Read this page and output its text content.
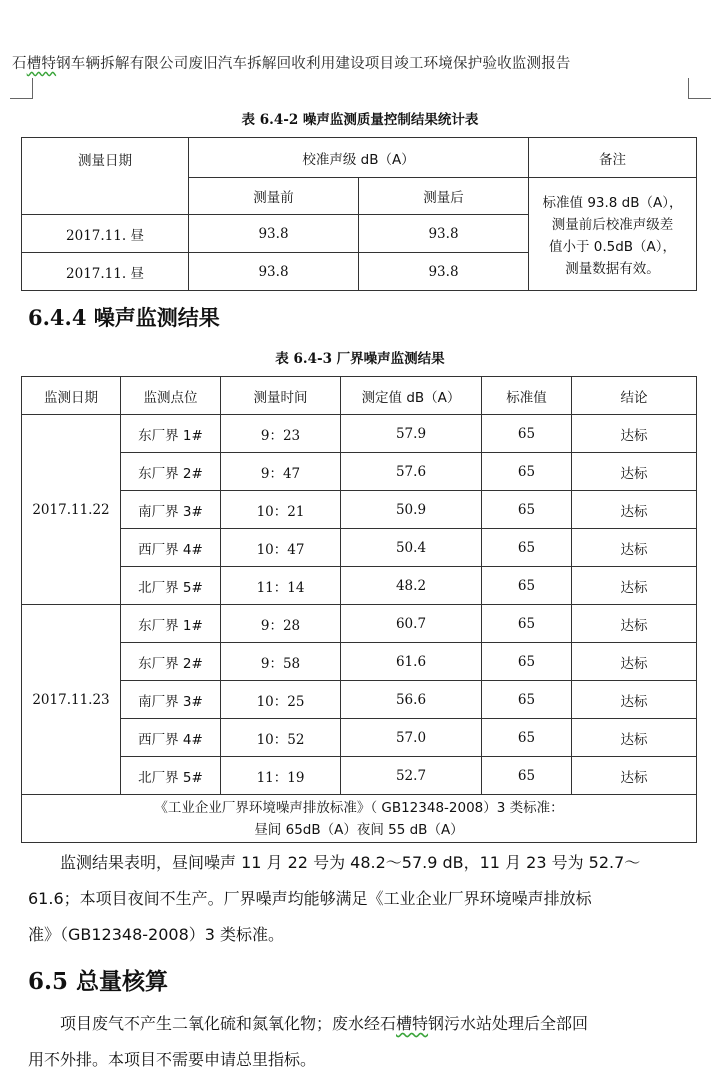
石槽特钢车辆拆解有限公司废旧汽车拆解回收利用建设项目竣工环境保护验收监测报告
表 6.4-2 噪声监测质量控制结果统计表
测量日期	校准声级 dB（A）		备注
	测量前	测量后	标准值 93.8 dB（A），
测量前后校准声级差
值小于 0.5dB（A），
测量数据有效。

2017.11. 昼	93.8	93.8	
2017.11. 昼	93.8	93.8	
6.4.4 噪声监测结果
表 6.4-3 厂界噪声监测结果
监测日期	监测点位	测量时间	测定值 dB（A）	标准值	结论
2017.11.22	东厂界 1#	9：23	57.9	65	达标
	东厂界 2#	9：47	57.6	65	达标
	南厂界 3#	10：21	50.9	65	达标
	西厂界 4#	10：47	50.4	65	达标
	北厂界 5#	11：14	48.2	65	达标
2017.11.23	东厂界 1#	9：28	60.7	65	达标
	东厂界 2#	9：58	61.6	65	达标
	南厂界 3#	10：25	56.6	65	达标
	西厂界 4#	10：52	57.0	65	达标
	北厂界 5#	11：19	52.7	65	达标

《工业企业厂界环境噪声排放标准》（ GB12348-2008）3 类标准：
昼间 65dB（A）夜间 55 dB（A）					
监测结果表明，昼间噪声 11 月 22 号为 48.2～57.9 dB，11 月 23 号为 52.7～
61.6；本项目夜间不生产。厂界噪声均能够满足《工业企业厂界环境噪声排放标
准》（GB12348-2008）3 类标准。
6.5 总量核算
项目废气不产生二氧化硫和氮氧化物；废水经石槽特钢污水站处理后全部回
用不外排。本项目不需要申请总里指标。
